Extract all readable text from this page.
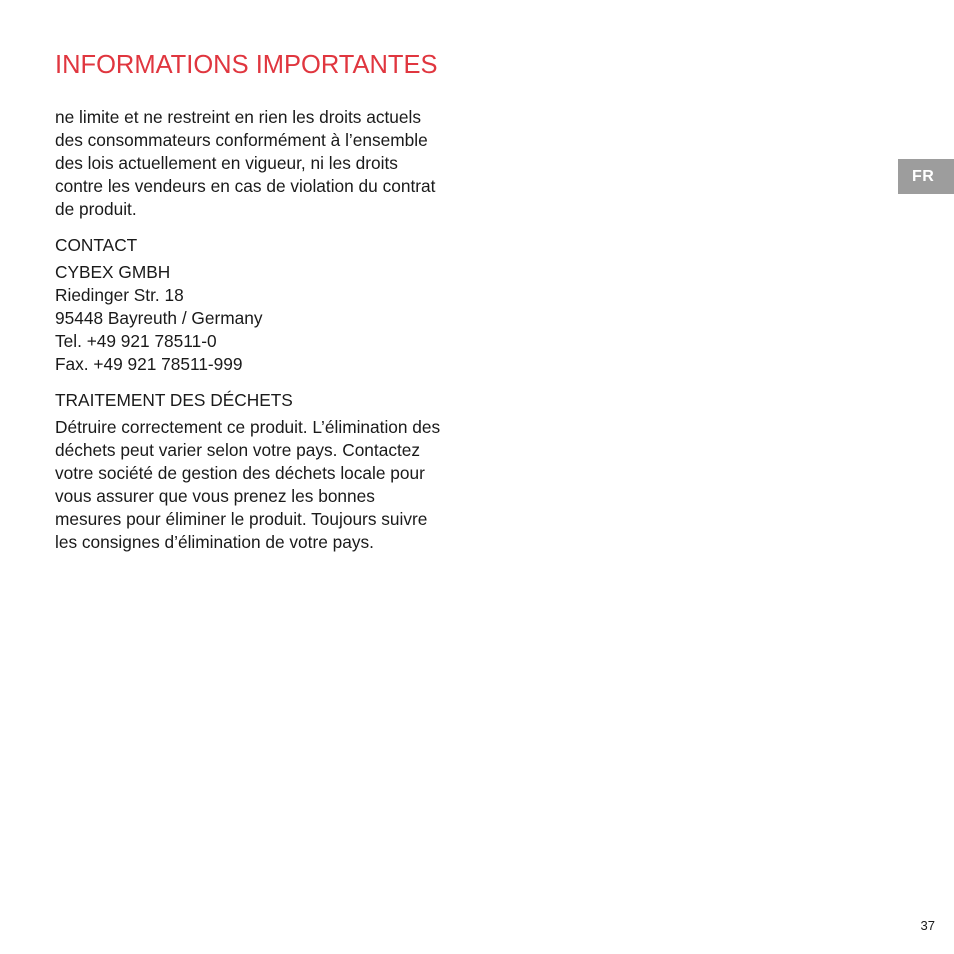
INFORMATIONS IMPORTANTES

ne limite et ne restreint en rien les droits actuels des consommateurs conformément à l’ensemble des lois actuellement en vigueur, ni les droits contre les vendeurs en cas de violation du contrat de produit.

CONTACT

CYBEX GMBH

Riedinger Str. 18
95448 Bayreuth / Germany
Tel. +49 921 78511-0
Fax. +49 921 78511-999
TRAITEMENT DES DÉCHETS

Détruire correctement ce produit. L’élimination des déchets peut varier selon votre pays. Contactez votre société de gestion des déchets locale pour vous assurer que vous prenez les bonnes mesures pour éliminer le produit. Toujours suivre les consignes d’élimination de votre pays.

FR
37
